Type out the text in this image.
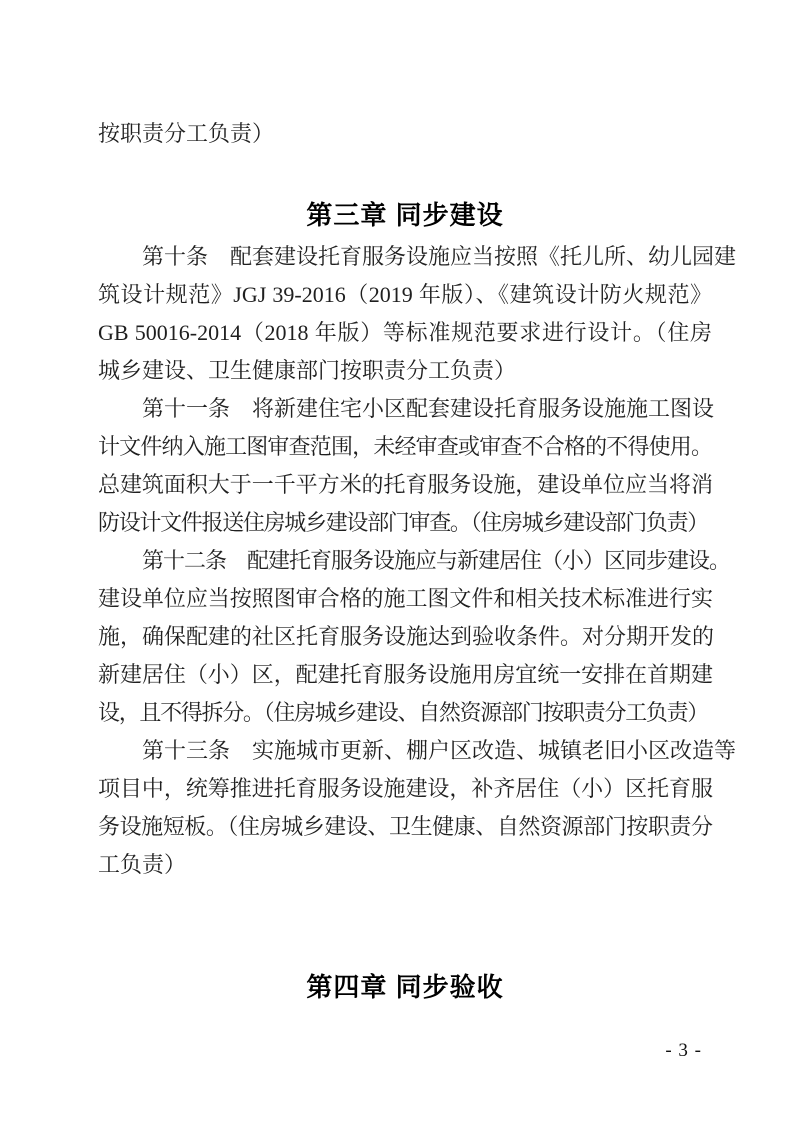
按职责分工负责）
第三章 同步建设
第十条　配套建设托育服务设施应当按照《托儿所、幼儿园建
筑设计规范》JGJ 39-2016（2019 年版）、《建筑设计防火规范》
GB 50016-2014（2018 年版）等标准规范要求进行设计。（住房
城乡建设、卫生健康部门按职责分工负责）
第十一条　将新建住宅小区配套建设托育服务设施施工图设
计文件纳入施工图审查范围，未经审查或审查不合格的不得使用。
总建筑面积大于一千平方米的托育服务设施，建设单位应当将消
防设计文件报送住房城乡建设部门审查。（住房城乡建设部门负责）
第十二条　配建托育服务设施应与新建居住（小）区同步建设。
建设单位应当按照图审合格的施工图文件和相关技术标准进行实
施，确保配建的社区托育服务设施达到验收条件。对分期开发的
新建居住（小）区，配建托育服务设施用房宜统一安排在首期建
设，且不得拆分。（住房城乡建设、自然资源部门按职责分工负责）
第十三条　实施城市更新、棚户区改造、城镇老旧小区改造等
项目中，统筹推进托育服务设施建设，补齐居住（小）区托育服
务设施短板。（住房城乡建设、卫生健康、自然资源部门按职责分
工负责）
第四章 同步验收
- 3 -
